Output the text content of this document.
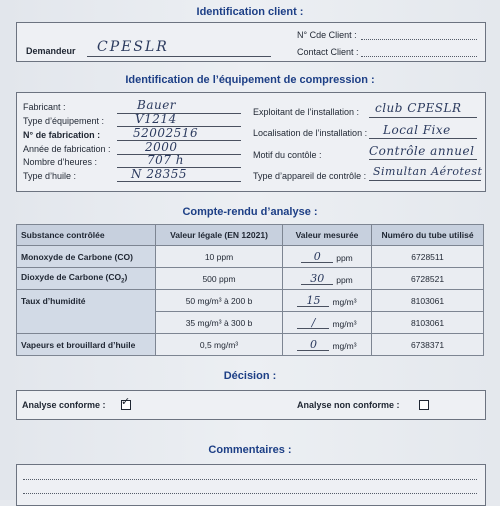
Identification client :
Demandeur CPESLR
N° Cde Client :
Contact Client :
Identification de l’équipement de compression :
Fabricant :	Bauer
Type d’équipement :	V1214
N° de fabrication :	52002516
Année de fabrication :	2000
Nombre d’heures :	707 h
Type d’huile :	N 28355
Exploitant de l’installation : club CPESLR
Localisation de l’installation : Local Fixe
Motif du contôle :	Contrôle annuel
Type d’appareil de contrôle : Simultan Aérotest
Compte-rendu d’analyse :
Substance contrôlée	Valeur légale (EN 12021)	Valeur mesurée	Numéro du tube utilisé
Monoxyde de Carbone (CO)	10 ppm	0 ppm	6728511
Dioxyde de Carbone $(CO_2)$	500 ppm	30 ppm	6728521
Taux d’humidité	50 mg/m³ à 200 b	15 mg/m³	8103061
	35 mg/m³ à 300 b	/ mg/m³	8103061
Vapeurs et brouillard d’huile	0,5 mg/m³	0 mg/m³	6738371
Décision :
Analyse conforme : ✓	Analyse non conforme :
Commentaires :
